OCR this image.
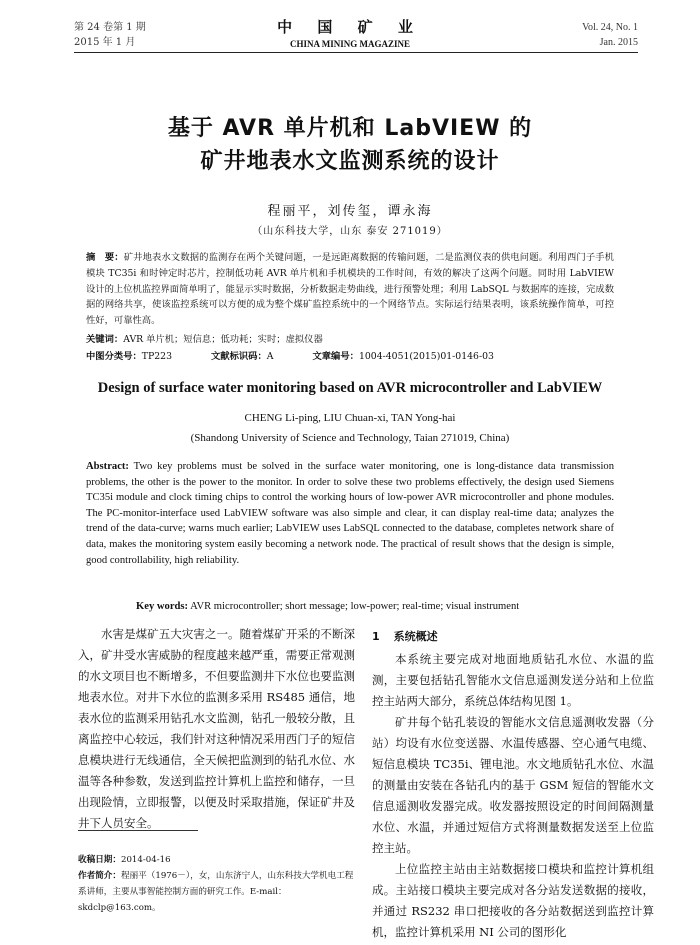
第 24 卷第 1 期
2015 年 1 月
中 国 矿 业
CHINA MINING MAGAZINE
Vol. 24, No. 1
Jan. 2015
基于 AVR 单片机和 LabVIEW 的
矿井地表水文监测系统的设计
程丽平，刘传玺，谭永海
（山东科技大学，山东 泰安 271019）
摘　要：矿井地表水文数据的监测存在两个关键问题，一是远距离数据的传输问题，二是监测仪表的供电问题。利用西门子手机模块 TC35i 和时钟定时芯片，控制低功耗 AVR 单片机和手机模块的工作时间，有效的解决了这两个问题。同时用 LabVIEW 设计的上位机监控界面简单明了，能显示实时数据，分析数据走势曲线，进行预警处理；利用 LabSQL 与数据库的连接，完成数据的网络共享，使该监控系统可以方便的成为整个煤矿监控系统中的一个网络节点。实际运行结果表明，该系统操作简单，可控性好，可靠性高。
关键词：AVR 单片机；短信息；低功耗；实时；虚拟仪器
中图分类号：TP223	文献标识码：A	文章编号：1004-4051(2015)01-0146-03
Design of surface water monitoring based on AVR microcontroller and LabVIEW
CHENG Li-ping, LIU Chuan-xi, TAN Yong-hai
(Shandong University of Science and Technology, Taian 271019, China)
Abstract: Two key problems must be solved in the surface water monitoring, one is long-distance data transmission problems, the other is the power to the monitor. In order to solve these two problems effectively, the design used Siemens TC35i module and clock timing chips to control the working hours of low-power AVR microcontroller and phone modules. The PC-monitor-interface used LabVIEW software was also simple and clear, it can display real-time data; analyzes the trend of the data-curve; warns much earlier; LabVIEW uses LabSQL connected to the database, completes network share of data, makes the monitoring system easily becoming a network node. The practical of result shows that the design is simple, good controllability, high reliability.
Key words: AVR microcontroller; short message; low-power; real-time; visual instrument

水害是煤矿五大灾害之一。随着煤矿开采的不断深入，矿井受水害威胁的程度越来越严重，需要正常观测的水文项目也不断增多，不但要监测井下水位也要监测地表水位。对井下水位的监测多采用 RS485 通信，地表水位的监测采用钻孔水文监测，钻孔一般较分散，且离监控中心较远，我们针对这种情况采用西门子的短信息模块进行无线通信，全天候把监测到的钻孔水位、水温等各种参数，发送到监控计算机上监控和储存，一旦出现险情，立即报警，以便及时采取措施，保证矿井及井下人员安全。

收稿日期：2014-04-16
作者简介：程丽平（1976－），女，山东济宁人，山东科技大学机电工程系讲师，主要从事智能控制方面的研究工作。E-mail：skdclp@163.com。
1 系统概述

本系统主要完成对地面地质钻孔水位、水温的监测，主要包括钻孔智能水文信息遥测发送分站和上位监控主站两大部分，系统总体结构见图 1。

矿井每个钻孔装设的智能水文信息遥测收发器（分站）均设有水位变送器、水温传感器、空心通气电缆、短信息模块 TC35i、锂电池。水文地质钻孔水位、水温的测量由安装在各钻孔内的基于 GSM 短信的智能水文信息遥测收发器完成。收发器按照设定的时间间隔测量水位、水温，并通过短信方式将测量数据发送至上位监控主站。

上位监控主站由主站数据接口模块和监控计算机组成。主站接口模块主要完成对各分站发送数据的接收，并通过 RS232 串口把接收的各分站数据送到监控计算机，监控计算机采用 NI 公司的图形化
